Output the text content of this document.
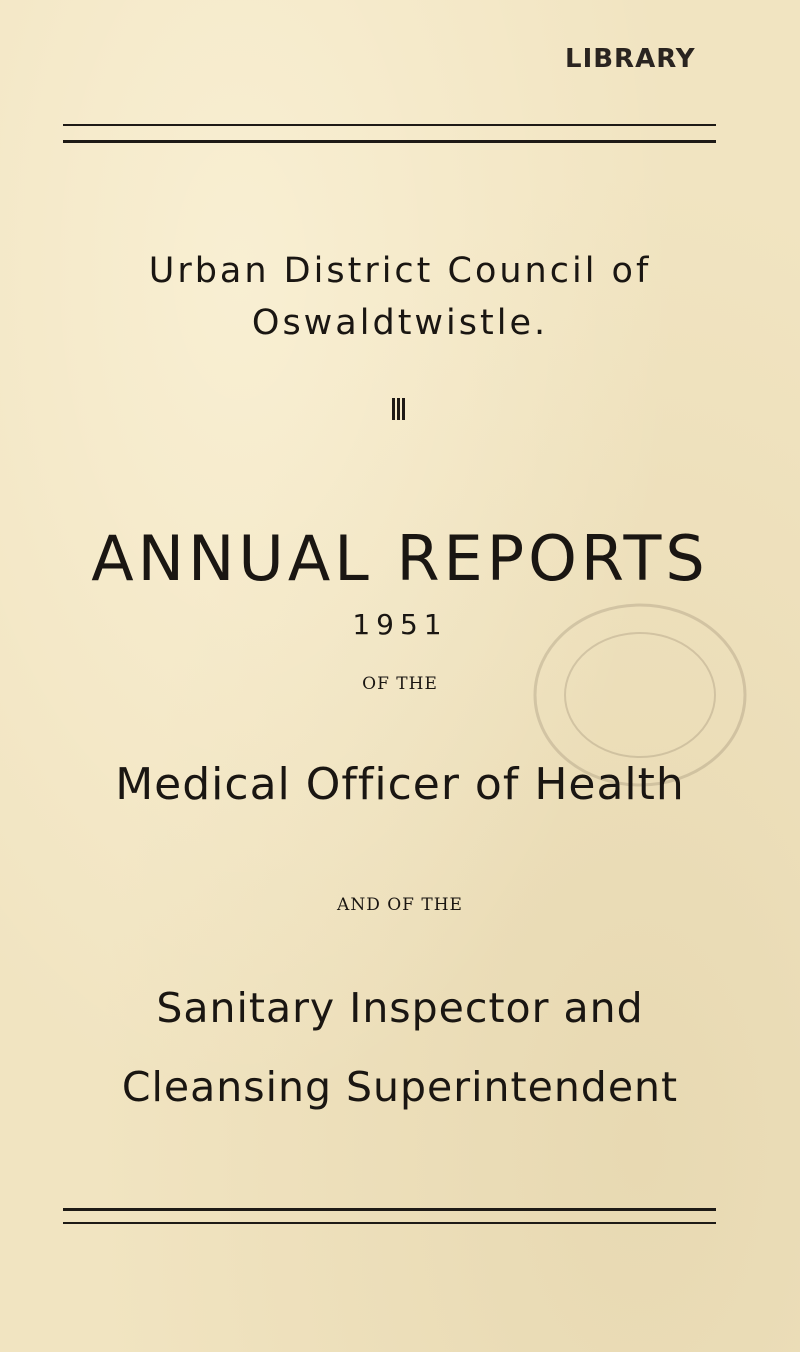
LIBRARY
Urban District Council of
Oswaldtwistle.
ANNUAL REPORTS
1951
OF THE
Medical Officer of Health
AND OF THE
Sanitary Inspector and
Cleansing Superintendent
